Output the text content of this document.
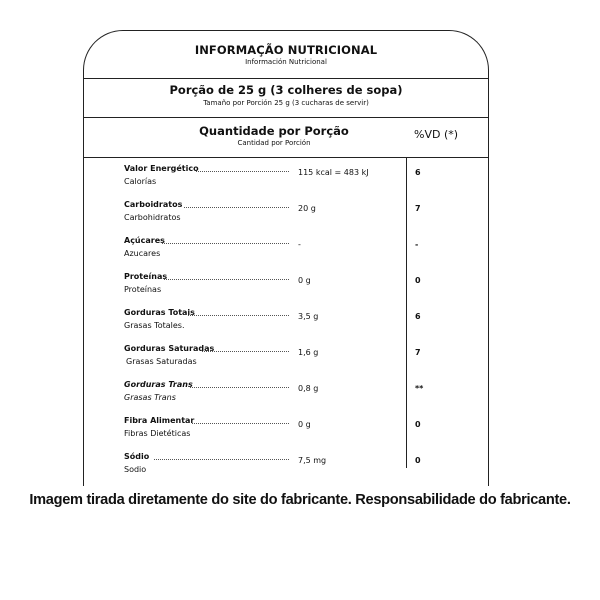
INFORMAÇÃO NUTRICIONAL
Información Nutricional
Porção de 25 g (3 colheres de sopa)
Tamaño por Porción 25 g (3 cucharas de servir)
Quantidade por Porção
Cantidad por Porción
%VD (*)
Valor Energético
Calorías
115 kcal = 483 kJ	6
Carboidratos
Carbohidratos
20 g	7
Açúcares
Azucares
-	-
Proteínas
Proteínas
0 g	0
Gorduras Totais
Grasas Totales.
3,5 g	6
Gorduras Saturadas
Grasas Saturadas
1,6 g	7
Gorduras Trans
Grasas Trans
0,8 g	**
Fibra Alimentar
Fibras Dietéticas
0 g	0
Sódio
Sodio
7,5 mg	0
Imagem tirada diretamente do site do fabricante. Responsabilidade do fabricante.
